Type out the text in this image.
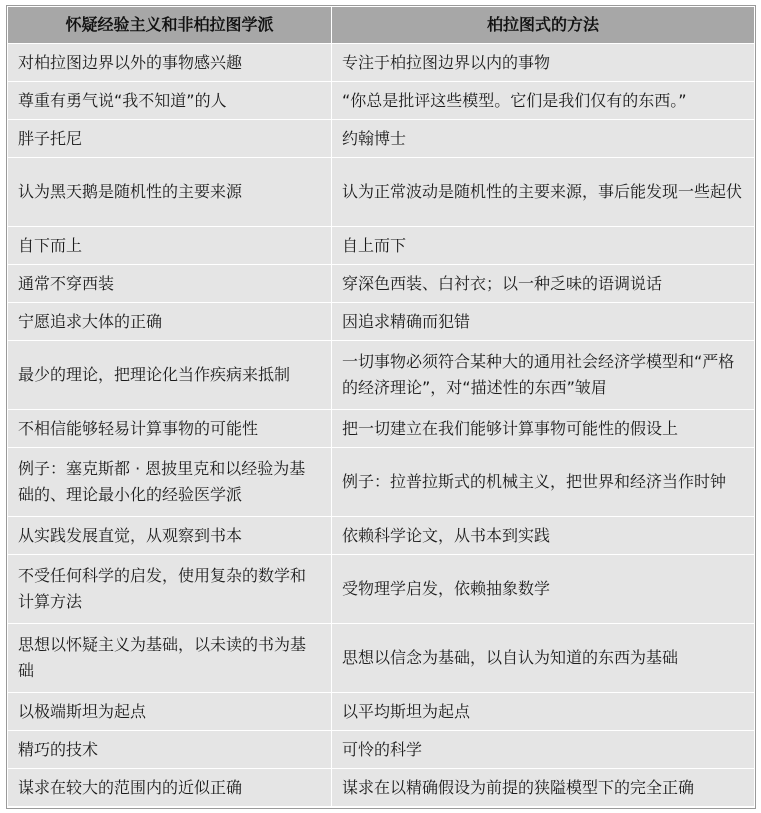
怀疑经验主义和非柏拉图学派	柏拉图式的方法
对柏拉图边界以外的事物感兴趣	专注于柏拉图边界以内的事物
尊重有勇气说“我不知道”的人	“你总是批评这些模型。它们是我们仅有的东西。”
胖子托尼	约翰博士
认为黑天鹅是随机性的主要来源	认为正常波动是随机性的主要来源，事后能发现一些起伏
自下而上	自上而下
通常不穿西装	穿深色西装、白衬衣；以一种乏味的语调说话
宁愿追求大体的正确	因追求精确而犯错
最少的理论，把理论化当作疾病来抵制	一切事物必须符合某种大的通用社会经济学模型和“严格的经济理论”，对“描述性的东西”皱眉
不相信能够轻易计算事物的可能性	把一切建立在我们能够计算事物可能性的假设上
例子：塞克斯都 · 恩披里克和以经验为基础的、理论最小化的经验医学派	例子：拉普拉斯式的机械主义，把世界和经济当作时钟
从实践发展直觉，从观察到书本	依赖科学论文，从书本到实践
不受任何科学的启发，使用复杂的数学和计算方法	受物理学启发，依赖抽象数学
思想以怀疑主义为基础，以未读的书为基础	思想以信念为基础，以自认为知道的东西为基础
以极端斯坦为起点	以平均斯坦为起点
精巧的技术	可怜的科学
谋求在较大的范围内的近似正确	谋求在以精确假设为前提的狭隘模型下的完全正确
